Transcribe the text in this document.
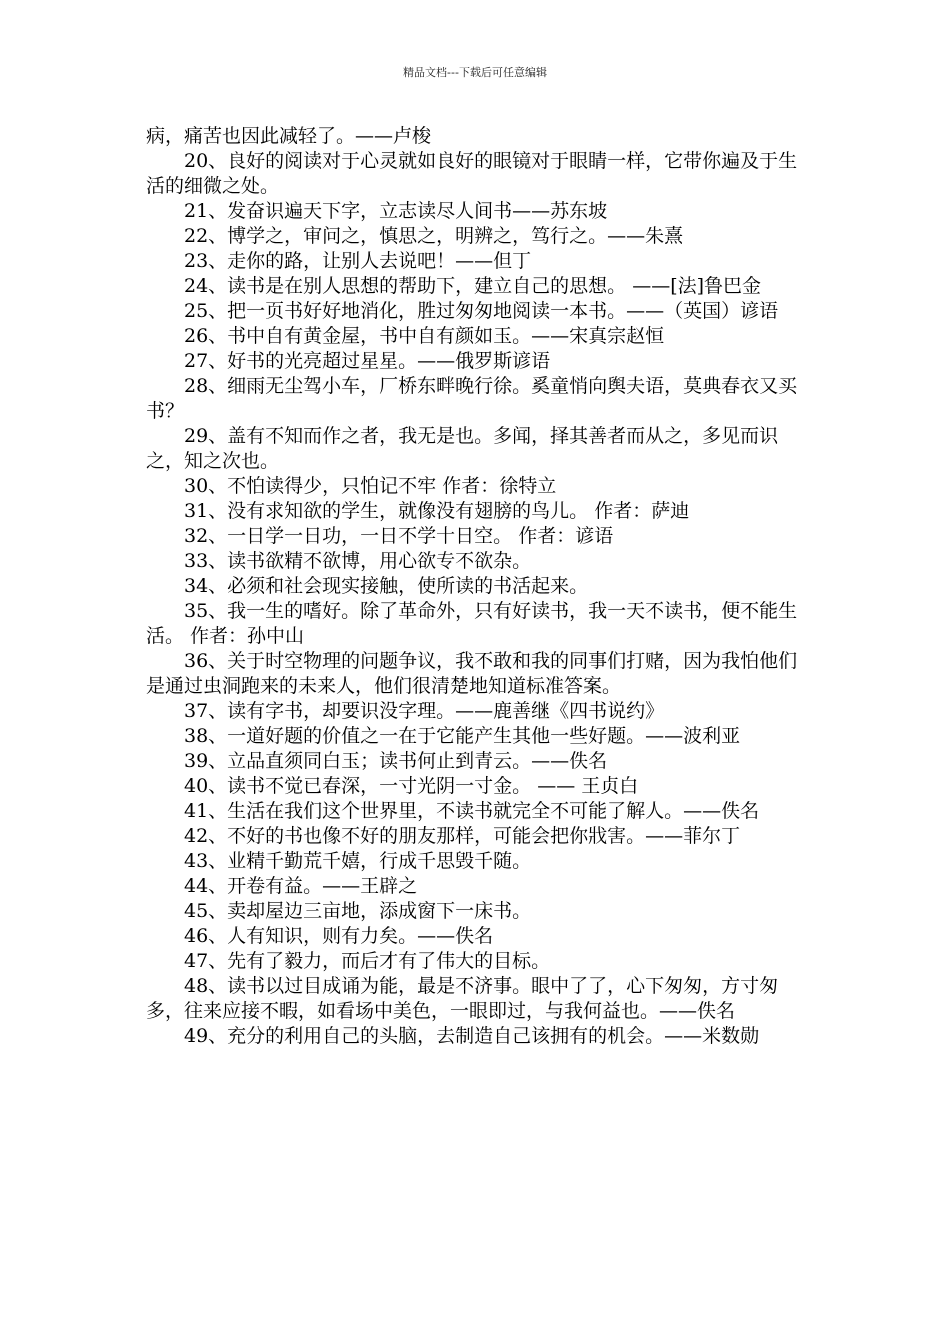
精品文档---下载后可任意编辑

病，痛苦也因此减轻了。——卢梭

20、良好的阅读对于心灵就如良好的眼镜对于眼睛一样，它带你遍及于生活的细微之处。

21、发奋识遍天下字，立志读尽人间书——苏东坡

22、博学之，审问之，慎思之，明辨之，笃行之。——朱熹

23、走你的路，让别人去说吧！——但丁

24、读书是在别人思想的帮助下，建立自己的思想。 ——[法]鲁巴金

25、把一页书好好地消化，胜过匆匆地阅读一本书。——（英国）谚语

26、书中自有黄金屋，书中自有颜如玉。——宋真宗赵恒

27、好书的光亮超过星星。——俄罗斯谚语

28、细雨无尘驾小车，厂桥东畔晚行徐。奚童悄向舆夫语，莫典春衣又买书？

29、盖有不知而作之者，我无是也。多闻，择其善者而从之，多见而识之，知之次也。

30、不怕读得少，只怕记不牢 作者：徐特立

31、没有求知欲的学生，就像没有翅膀的鸟儿。 作者：萨迪

32、一日学一日功，一日不学十日空。 作者：谚语

33、读书欲精不欲博，用心欲专不欲杂。

34、必须和社会现实接触，使所读的书活起来。

35、我一生的嗜好。除了革命外，只有好读书，我一天不读书，便不能生活。 作者：孙中山

36、关于时空物理的问题争议，我不敢和我的同事们打赌，因为我怕他们是通过虫洞跑来的未来人，他们很清楚地知道标准答案。

37、读有字书，却要识没字理。——鹿善继《四书说约》

38、一道好题的价值之一在于它能产生其他一些好题。——波利亚

39、立品直须同白玉；读书何止到青云。——佚名

40、读书不觉已春深，一寸光阴一寸金。 —— 王贞白

41、生活在我们这个世界里，不读书就完全不可能了解人。——佚名

42、不好的书也像不好的朋友那样，可能会把你戕害。——菲尔丁

43、业精千勤荒千嬉，行成千思毁千随。

44、开卷有益。——王辟之

45、卖却屋边三亩地，添成窗下一床书。

46、人有知识，则有力矣。——佚名

47、先有了毅力，而后才有了伟大的目标。

48、读书以过目成诵为能，最是不济事。眼中了了，心下匆匆，方寸匆多，往来应接不暇，如看场中美色，一眼即过，与我何益也。——佚名

49、充分的利用自己的头脑，去制造自己该拥有的机会。——米数勋
